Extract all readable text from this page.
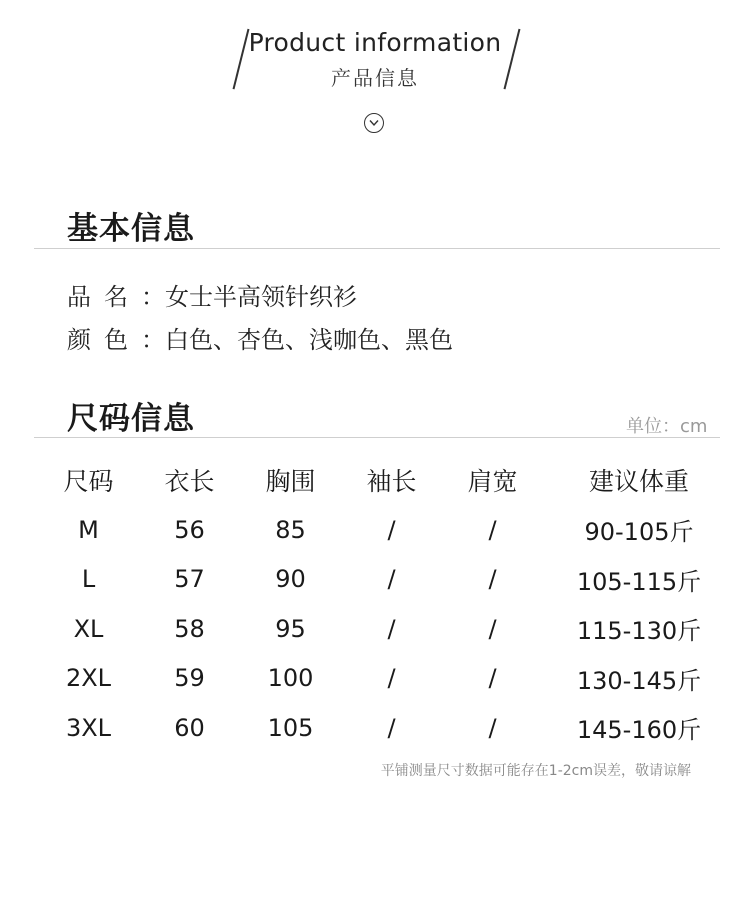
Product information
产品信息
基本信息
品名：女士半高领针织衫
颜色：白色、杏色、浅咖色、黑色
尺码信息	单位：cm
尺码	衣长	胸围	袖长	肩宽	建议体重
M	56	85	/	/	90-105斤
L	57	90	/	/	105-115斤
XL	58	95	/	/	115-130斤
2XL	59	100	/	/	130-145斤
3XL	60	105	/	/	145-160斤
平铺测量尺寸数据可能存在1-2cm误差，敬请谅解
